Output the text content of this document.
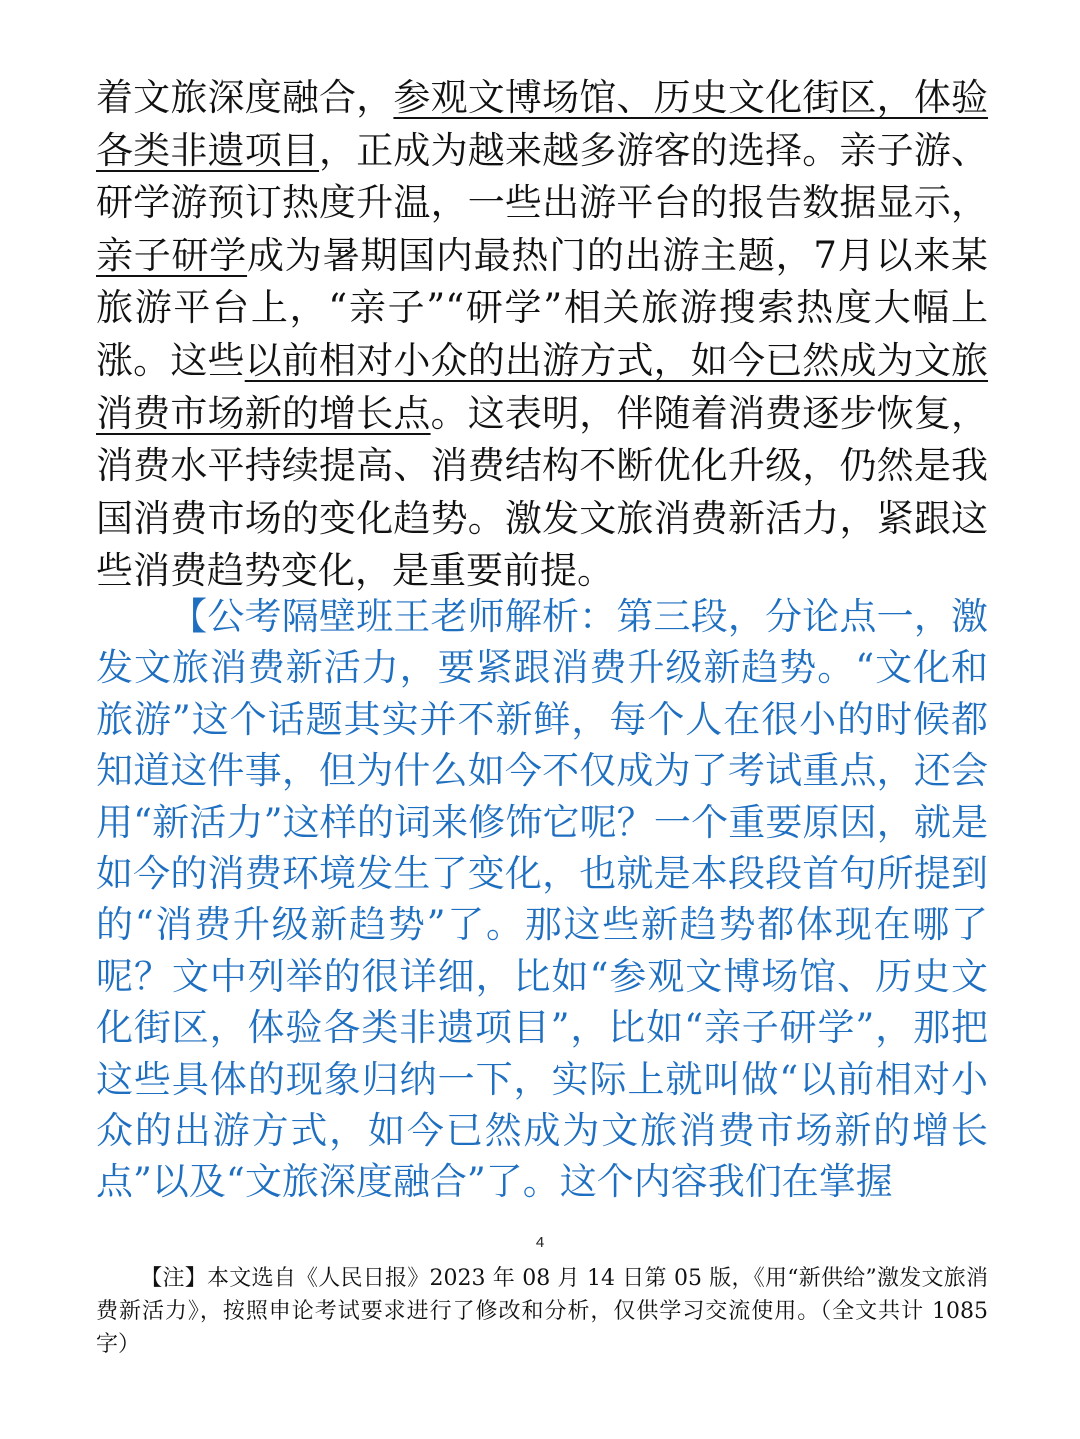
着文旅深度融合，参观文博场馆、历史文化街区，体验各类非遗项目，正成为越来越多游客的选择。亲子游、研学游预订热度升温，一些出游平台的报告数据显示，亲子研学成为暑期国内最热门的出游主题，7月以来某旅游平台上，“亲子”“研学”相关旅游搜索热度大幅上涨。这些以前相对小众的出游方式，如今已然成为文旅消费市场新的增长点。这表明，伴随着消费逐步恢复，消费水平持续提高、消费结构不断优化升级，仍然是我国消费市场的变化趋势。激发文旅消费新活力，紧跟这些消费趋势变化，是重要前提。
【公考隔壁班王老师解析：第三段，分论点一，激发文旅消费新活力，要紧跟消费升级新趋势。“文化和旅游”这个话题其实并不新鲜，每个人在很小的时候都知道这件事，但为什么如今不仅成为了考试重点，还会用“新活力”这样的词来修饰它呢？一个重要原因，就是如今的消费环境发生了变化，也就是本段段首句所提到的“消费升级新趋势”了。那这些新趋势都体现在哪了呢？文中列举的很详细，比如“参观文博场馆、历史文化街区，体验各类非遗项目”，比如“亲子研学”，那把这些具体的现象归纳一下，实际上就叫做“以前相对小众的出游方式，如今已然成为文旅消费市场新的增长点”以及“文旅深度融合”了。这个内容我们在掌握
4
【注】本文选自《人民日报》2023 年 08 月 14 日第 05 版，《用“新供给”激发文旅消费新活力》，按照申论考试要求进行了修改和分析，仅供学习交流使用。（全文共计 1085 字）
